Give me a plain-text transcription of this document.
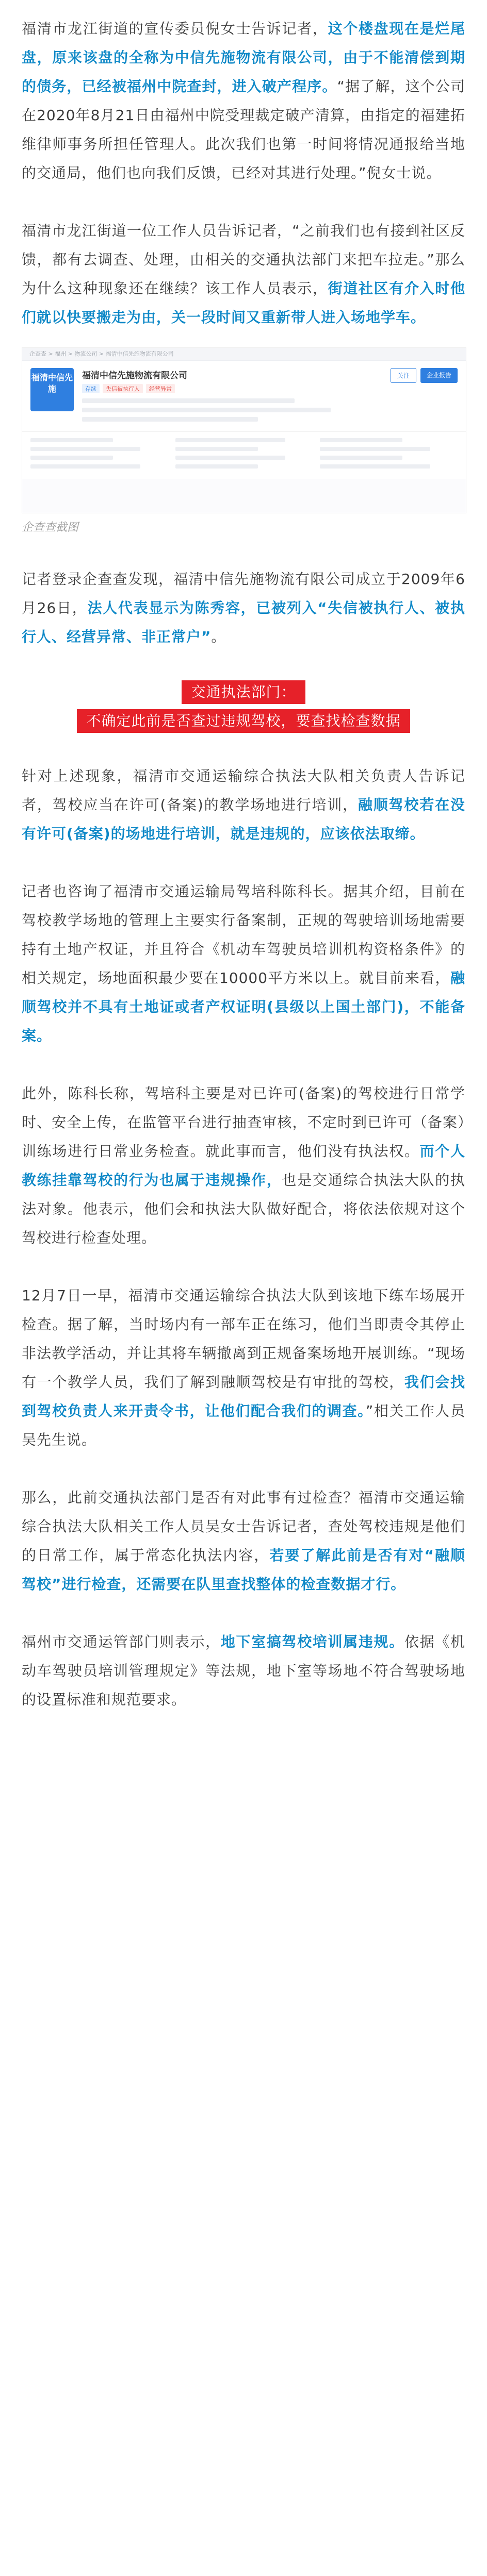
福清市龙江街道的宣传委员倪女士告诉记者，这个楼盘现在是烂尾盘，原来该盘的全称为中信先施物流有限公司，由于不能清偿到期的债务，已经被福州中院查封，进入破产程序。“据了解，这个公司在2020年8月21日由福州中院受理裁定破产清算，由指定的福建拓维律师事务所担任管理人。此次我们也第一时间将情况通报给当地的交通局，他们也向我们反馈，已经对其进行处理。”倪女士说。

福清市龙江街道一位工作人员告诉记者，“之前我们也有接到社区反馈，都有去调查、处理，由相关的交通执法部门来把车拉走。”那么为什么这种现象还在继续？该工作人员表示，街道社区有介入时他们就以快要搬走为由，关一段时间又重新带人进入场地学车。

企查查 > 福州 > 物流公司 > 福清中信先施物流有限公司
福清中信先施
福清中信先施物流有限公司
存续	失信被执行人	经营异常
关注	企业报告
企查查截图

记者登录企查查发现，福清中信先施物流有限公司成立于2009年6月26日，法人代表显示为陈秀容，已被列入“失信被执行人、被执行人、经营异常、非正常户”。

交通执法部门：
不确定此前是否查过违规驾校，要查找检查数据

针对上述现象，福清市交通运输综合执法大队相关负责人告诉记者，驾校应当在许可(备案)的教学场地进行培训，融顺驾校若在没有许可(备案)的场地进行培训，就是违规的，应该依法取缔。

记者也咨询了福清市交通运输局驾培科陈科长。据其介绍，目前在驾校教学场地的管理上主要实行备案制，正规的驾驶培训场地需要持有土地产权证，并且符合《机动车驾驶员培训机构资格条件》的相关规定，场地面积最少要在10000平方米以上。就目前来看，融顺驾校并不具有土地证或者产权证明(县级以上国土部门)，不能备案。

此外，陈科长称，驾培科主要是对已许可(备案)的驾校进行日常学时、安全上传，在监管平台进行抽查审核，不定时到已许可（备案）训练场进行日常业务检查。就此事而言，他们没有执法权。而个人教练挂靠驾校的行为也属于违规操作，也是交通综合执法大队的执法对象。他表示，他们会和执法大队做好配合，将依法依规对这个驾校进行检查处理。

12月7日一早，福清市交通运输综合执法大队到该地下练车场展开检查。据了解，当时场内有一部车正在练习，他们当即责令其停止非法教学活动，并让其将车辆撤离到正规备案场地开展训练。“现场有一个教学人员，我们了解到融顺驾校是有审批的驾校，我们会找到驾校负责人来开责令书，让他们配合我们的调查。”相关工作人员吴先生说。

那么，此前交通执法部门是否有对此事有过检查？福清市交通运输综合执法大队相关工作人员吴女士告诉记者，查处驾校违规是他们的日常工作，属于常态化执法内容，若要了解此前是否有对“融顺驾校”进行检查，还需要在队里查找整体的检查数据才行。

福州市交通运管部门则表示，地下室搞驾校培训属违规。依据《机动车驾驶员培训管理规定》等法规，地下室等场地不符合驾驶场地的设置标准和规范要求。
